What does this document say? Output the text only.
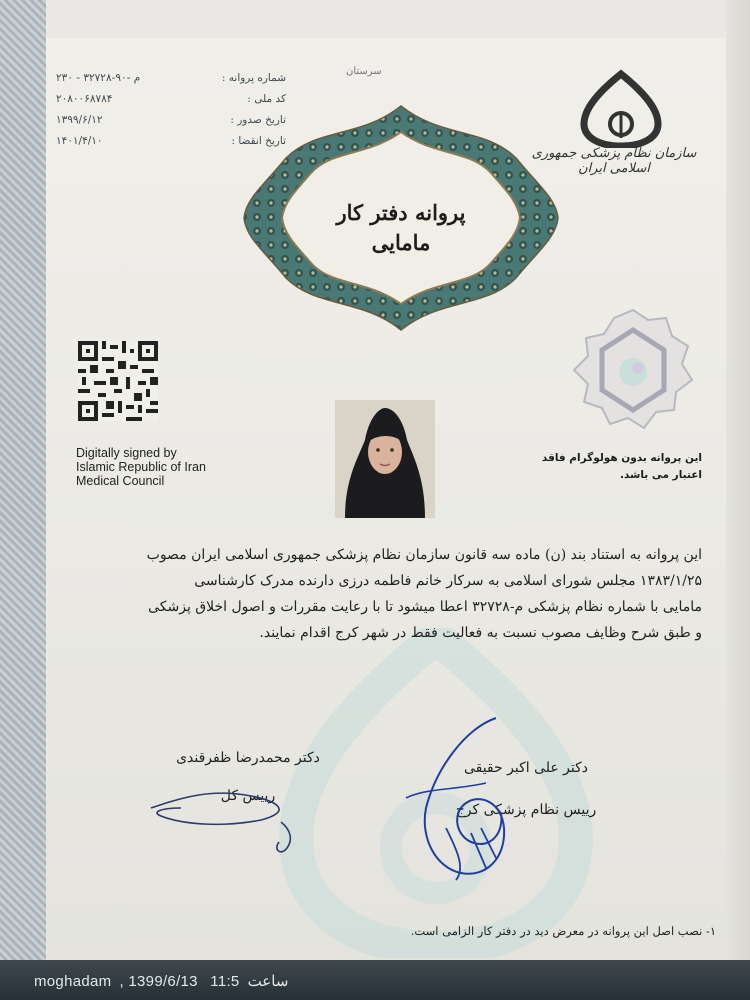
۲۳۰ - ۳۲۷۲۸-م -۹۰	شماره پروانه :
۲۰۸۰۰۶۸۷۸۴	کد ملی :
۱۳۹۹/۶/۱۲	تاریخ صدور :
۱۴۰۱/۴/۱۰	تاریخ انقضا :
سرستان
سازمان نظام پزشکی جمهوری اسلامی ایران
پروانه دفتر کار
مامایی
Digitally signed by
Islamic Republic of Iran
Medical Council
این پروانه بدون هولوگرام فاقد
اعتبار می باشد.
این پروانه به استناد بند (ن) ماده سه قانون سازمان نظام پزشکی جمهوری اسلامی ایران مصوب
۱۳۸۳/۱/۲۵ مجلس شورای اسلامی به سرکار خانم فاطمه درزی دارنده مدرک کارشناسی
مامایی با شماره نظام پزشکی م-۳۲۷۲۸ اعطا میشود تا با رعایت مقررات و اصول اخلاق پزشکی
و طبق شرح وظایف مصوب نسبت به فعالیت فقط در شهر کرج اقدام نمایند.
دکتر محمدرضا ظفرقندی
رییس کل
دکتر علی اکبر حقیقی
رییس نظام پزشکی کرج
۱- نصب اصل این پروانه در معرض دید در دفتر کار الزامی است.
moghadam , 1399/6/13 11:5 ساعت
